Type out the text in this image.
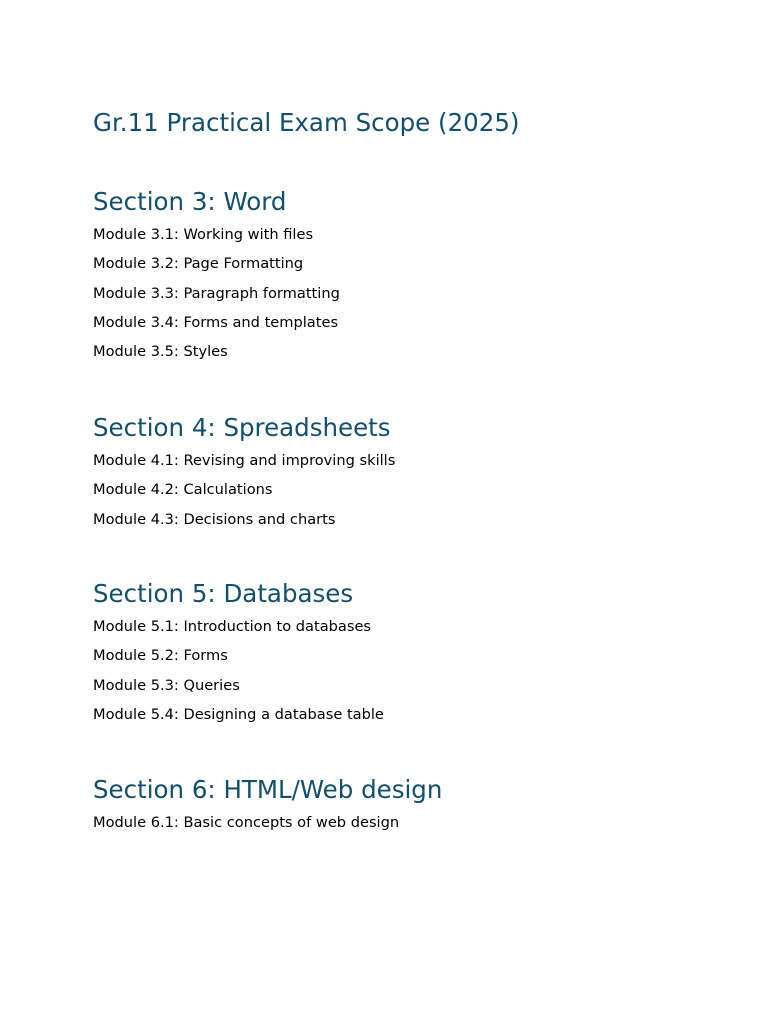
Gr.11 Practical Exam Scope (2025)
Section 3: Word
Module 3.1: Working with files
Module 3.2: Page Formatting
Module 3.3: Paragraph formatting
Module 3.4: Forms and templates
Module 3.5: Styles
Section 4: Spreadsheets
Module 4.1: Revising and improving skills
Module 4.2: Calculations
Module 4.3: Decisions and charts
Section 5: Databases
Module 5.1: Introduction to databases
Module 5.2: Forms
Module 5.3: Queries
Module 5.4: Designing a database table
Section 6: HTML/Web design
Module 6.1: Basic concepts of web design
